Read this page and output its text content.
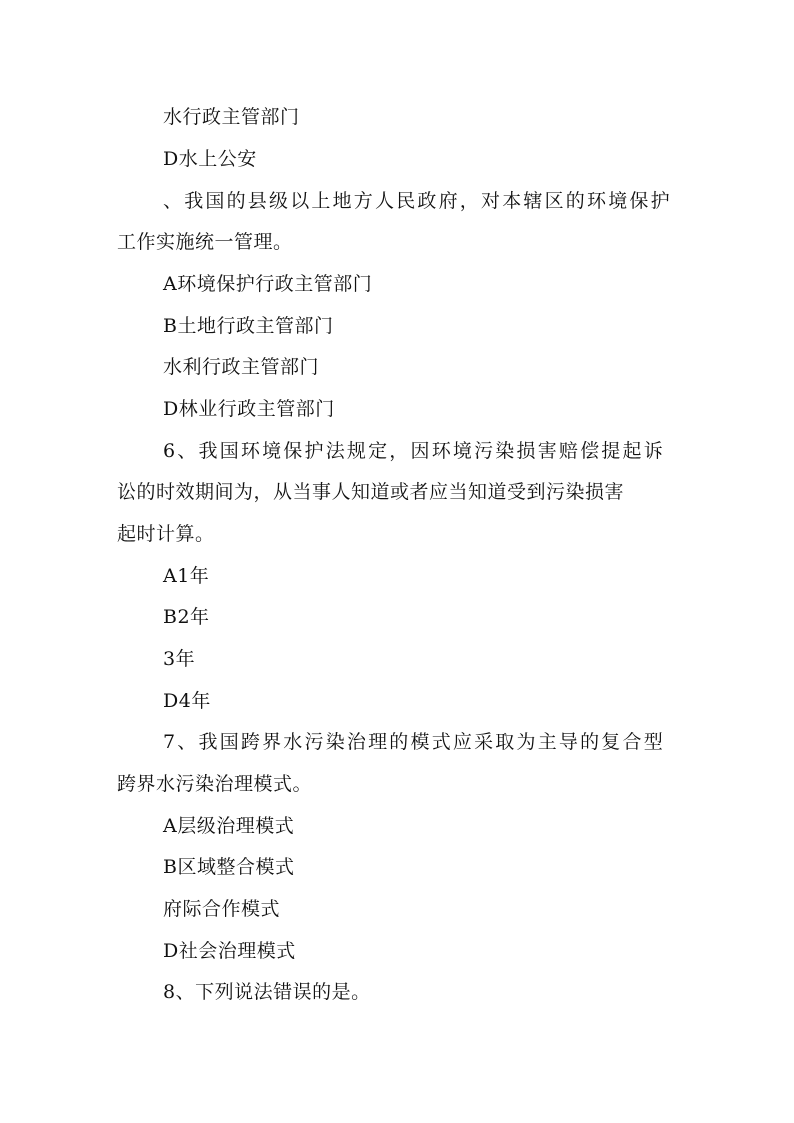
水行政主管部门
D水上公安
、我国的县级以上地方人民政府，对本辖区的环境保护
工作实施统一管理。
A环境保护行政主管部门
B土地行政主管部门
水利行政主管部门
D林业行政主管部门
6、我国环境保护法规定，因环境污染损害赔偿提起诉
讼的时效期间为，从当事人知道或者应当知道受到污染损害
起时计算。
A1年
B2年
3年
D4年
7、我国跨界水污染治理的模式应采取为主导的复合型
跨界水污染治理模式。
A层级治理模式
B区域整合模式
府际合作模式
D社会治理模式
8、下列说法错误的是。
